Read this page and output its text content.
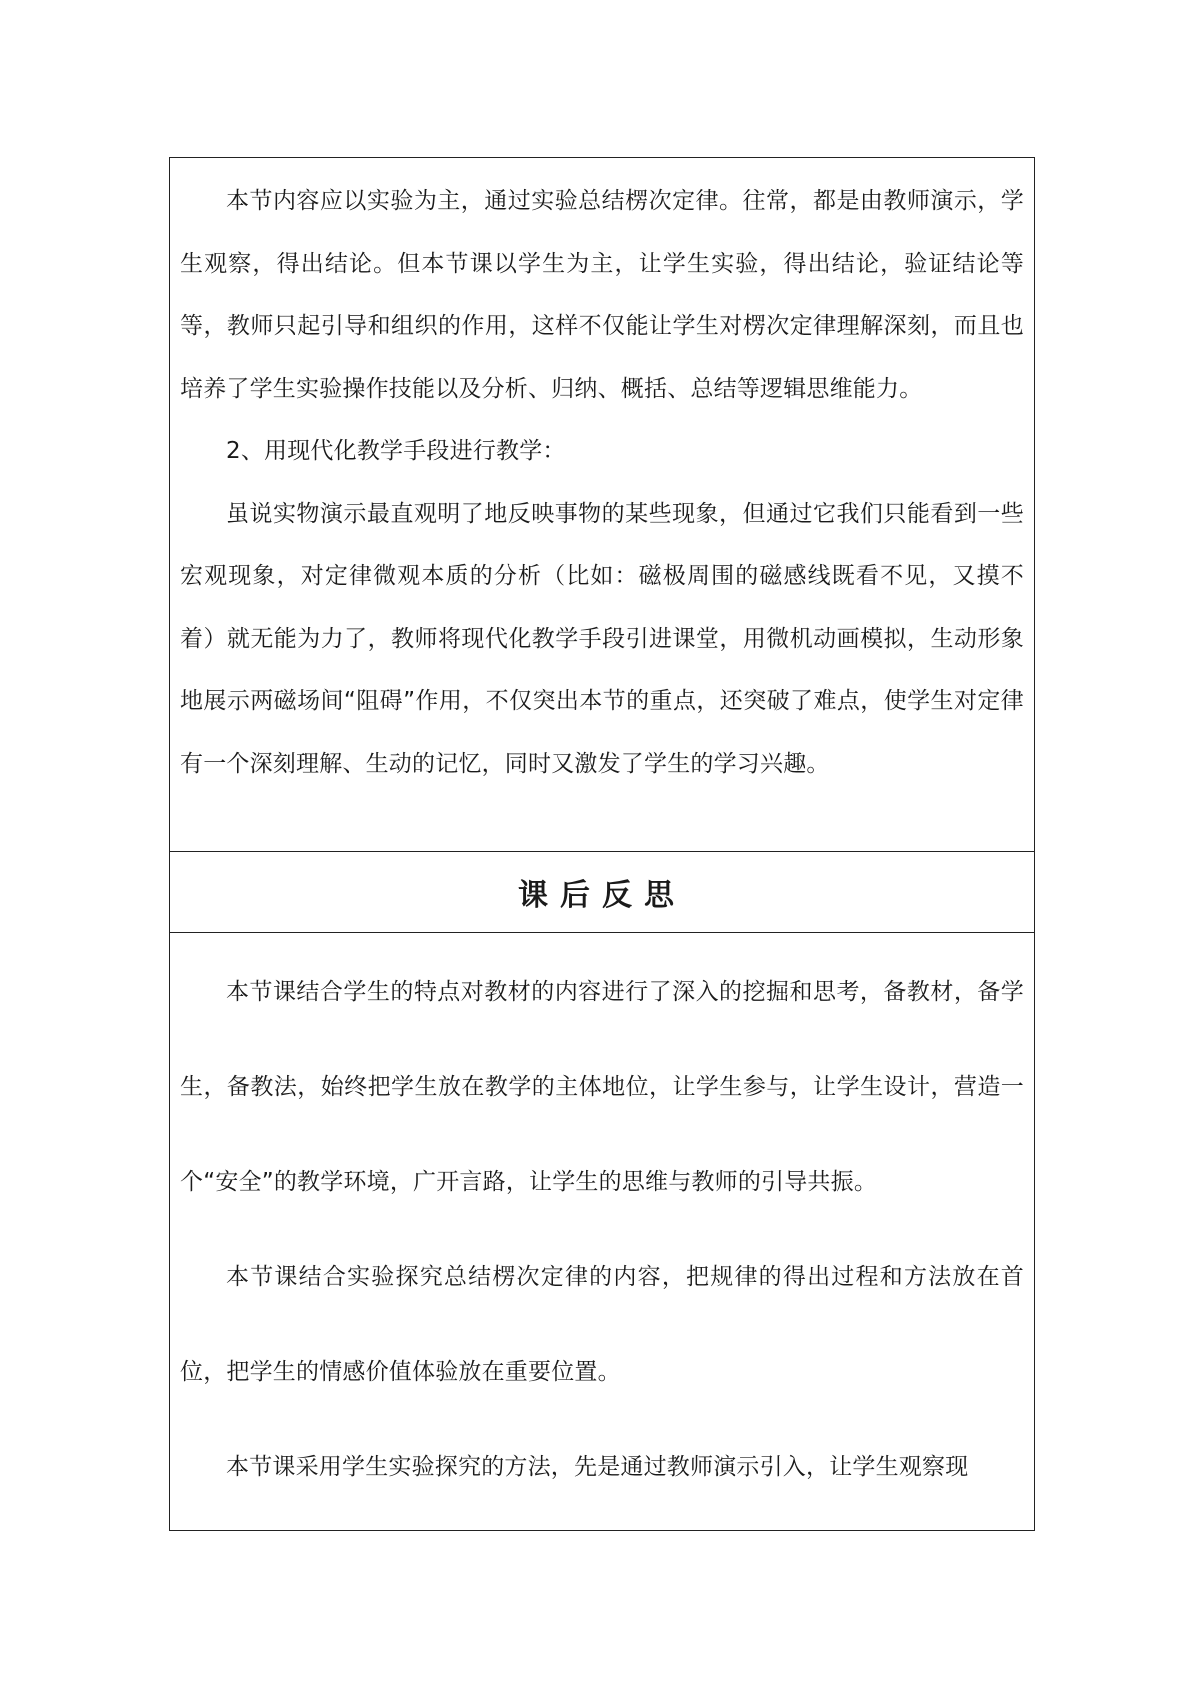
本节内容应以实验为主，通过实验总结楞次定律。往常，都是由教师演示，学生观察，得出结论。但本节课以学生为主，让学生实验，得出结论，验证结论等等，教师只起引导和组织的作用，这样不仅能让学生对楞次定律理解深刻，而且也培养了学生实验操作技能以及分析、归纳、概括、总结等逻辑思维能力。

2、用现代化教学手段进行教学：

虽说实物演示最直观明了地反映事物的某些现象，但通过它我们只能看到一些宏观现象，对定律微观本质的分析（比如：磁极周围的磁感线既看不见，又摸不着）就无能为力了，教师将现代化教学手段引进课堂，用微机动画模拟，生动形象地展示两磁场间“阻碍”作用，不仅突出本节的重点，还突破了难点，使学生对定律有一个深刻理解、生动的记忆，同时又激发了学生的学习兴趣。

课后反思

本节课结合学生的特点对教材的内容进行了深入的挖掘和思考，备教材，备学生，备教法，始终把学生放在教学的主体地位，让学生参与，让学生设计，营造一个“安全”的教学环境，广开言路，让学生的思维与教师的引导共振。

本节课结合实验探究总结楞次定律的内容，把规律的得出过程和方法放在首位，把学生的情感价值体验放在重要位置。

本节课采用学生实验探究的方法，先是通过教师演示引入，让学生观察现
